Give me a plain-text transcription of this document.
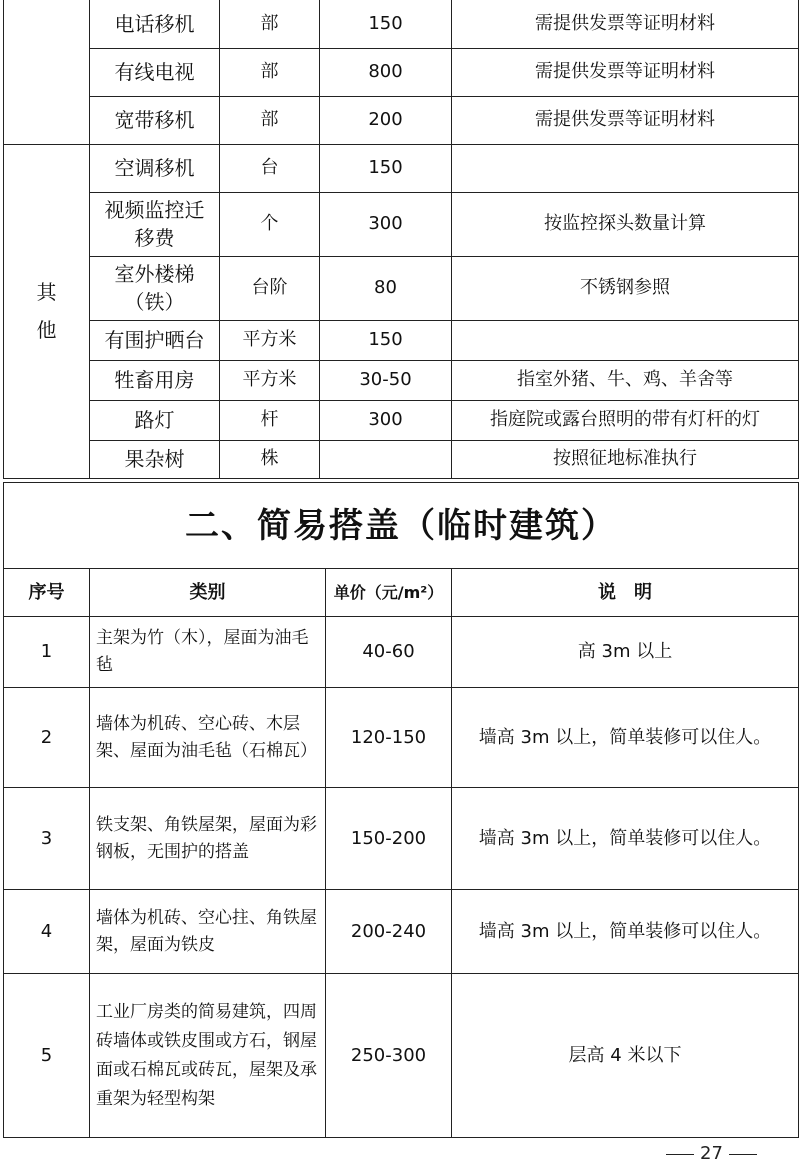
	电话移机	部	150	需提供发票等证明材料
	有线电视	部	800	需提供发票等证明材料
	宽带移机	部	200	需提供发票等证明材料
其
他	空调移机	台	150	
	视频监控迁移费	个	300	按监控探头数量计算
	室外楼梯（铁）	台阶	80	不锈钢参照
	有围护晒台	平方米	150	
	牲畜用房	平方米	30-50	指室外猪、牛、鸡、羊舍等
	路灯	杆	300	指庭院或露台照明的带有灯杆的灯
	果杂树	株		按照征地标准执行
二、简易搭盖（临时建筑）			
序号	类别	单价（元/m²）	说　明
1	主架为竹（木），屋面为油毛毡	40-60	高 3m 以上
2	墙体为机砖、空心砖、木层架、屋面为油毛毡（石棉瓦）	120-150	墙高 3m 以上，简单装修可以住人。
3	铁支架、角铁屋架，屋面为彩钢板，无围护的搭盖	150-200	墙高 3m 以上，简单装修可以住人。
4	墙体为机砖、空心拄、角铁屋架，屋面为铁皮	200-240	墙高 3m 以上，简单装修可以住人。
5	工业厂房类的简易建筑，四周砖墙体或铁皮围或方石，钢屋面或石棉瓦或砖瓦，屋架及承重架为轻型构架	250-300	层高 4 米以下
27
